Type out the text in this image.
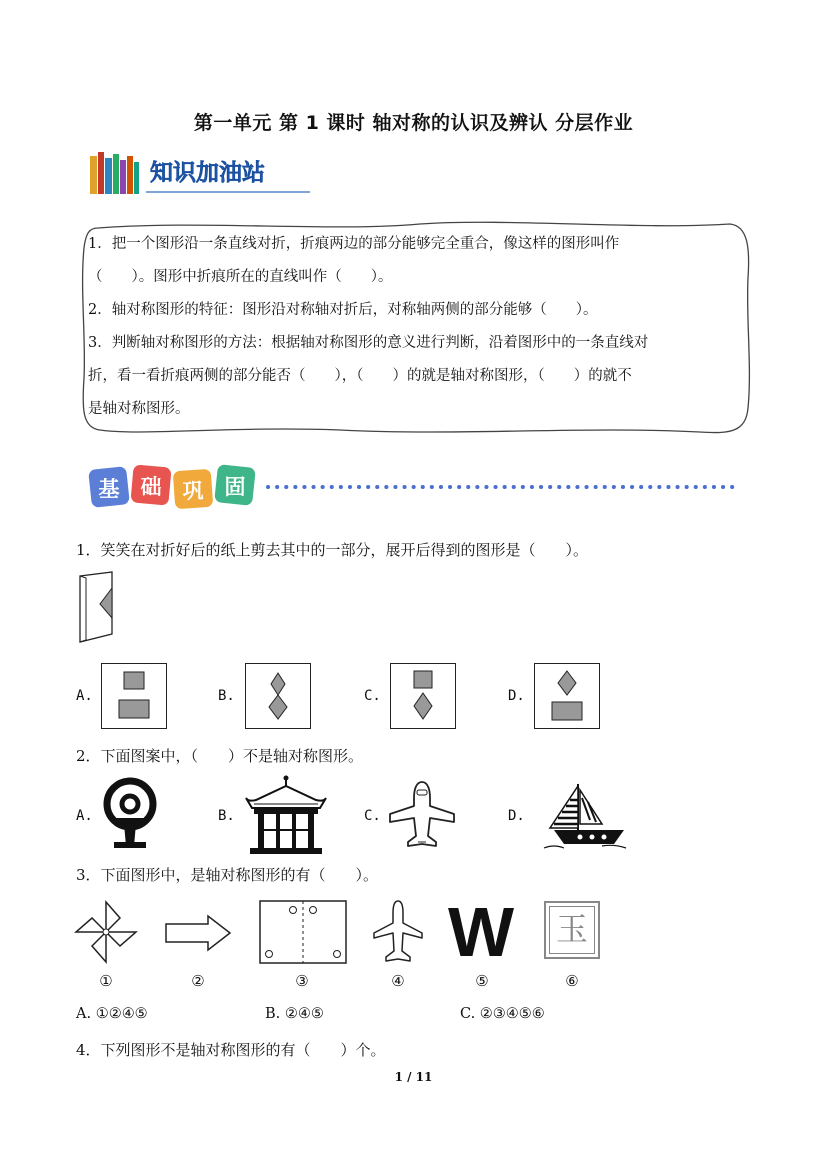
第一单元 第 1 课时 轴对称的认识及辨认 分层作业
知识加油站
1．把一个图形沿一条直线对折，折痕两边的部分能够完全重合，像这样的图形叫作
（　　）。图形中折痕所在的直线叫作（　　）。
2．轴对称图形的特征：图形沿对称轴对折后，对称轴两侧的部分能够（　　）。
3．判断轴对称图形的方法：根据轴对称图形的意义进行判断，沿着图形中的一条直线对
折，看一看折痕两侧的部分能否（　　），（　　）的就是轴对称图形，（　　）的就不
是轴对称图形。
基	础	巩	固
1．笑笑在对折好后的纸上剪去其中的一部分，展开后得到的图形是（　　）。
A.	B.	C.	D.
2．下面图案中，（　　）不是轴对称图形。
A.	B.	C.	D.
3．下面图形中，是轴对称图形的有（　　）。
W	玉
①	②	③	④	⑤	⑥
A. ①②④⑤	B. ②④⑤	C. ②③④⑤⑥
4．下列图形不是轴对称图形的有（　　）个。
1 / 11
